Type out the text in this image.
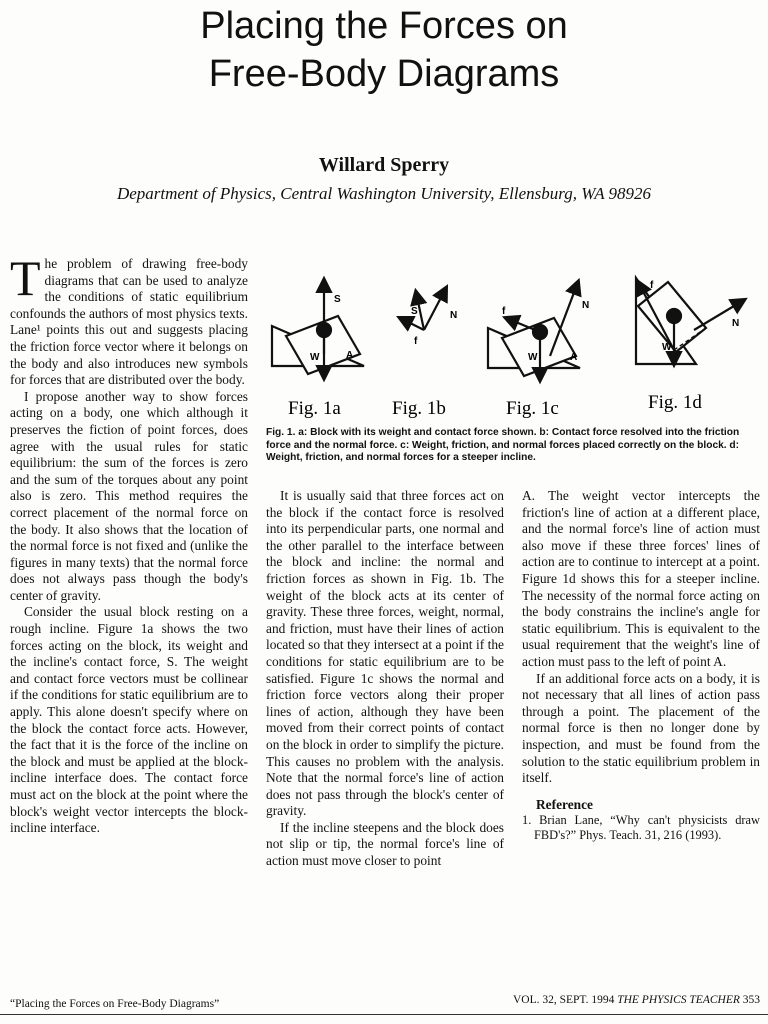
Placing the Forces on
Free-Body Diagrams
Willard Sperry
Department of Physics, Central Washington University, Ellensburg, WA 98926

The problem of drawing free-body diagrams that can be used to analyze the conditions of static equilibrium confounds the authors of most physics texts. Lane¹ points this out and suggests placing the friction force vector where it belongs on the body and also introduces new symbols for forces that are distributed over the body.

I propose another way to show forces acting on a body, one which although it preserves the fiction of point forces, does agree with the usual rules for static equilibrium: the sum of the forces is zero and the sum of the torques about any point also is zero. This method requires the correct placement of the normal force on the body. It also shows that the location of the normal force is not fixed and (unlike the figures in many texts) that the normal force does not always pass though the body's center of gravity.

Consider the usual block resting on a rough incline. Figure 1a shows the two forces acting on the block, its weight and the incline's contact force, S. The weight and contact force vectors must be collinear if the conditions for static equilibrium are to apply. This alone doesn't specify where on the block the contact force acts. However, the fact that it is the force of the incline on the block and must be applied at the block-incline interface does. The contact force must act on the block at the point where the block's weight vector intercepts the block-incline interface.

S
W	A
S	N
f
f
N
W	A
f
N
W
Fig. 1a	Fig. 1b	Fig. 1c	Fig. 1d
Fig. 1. a: Block with its weight and contact force shown. b: Contact force resolved into the friction force and the normal force. c: Weight, friction, and normal forces placed correctly on the block. d: Weight, friction, and normal forces for a steeper incline.

It is usually said that three forces act on the block if the contact force is resolved into its perpendicular parts, one normal and the other parallel to the interface between the block and incline: the normal and friction forces as shown in Fig. 1b. The weight of the block acts at its center of gravity. These three forces, weight, normal, and friction, must have their lines of action located so that they intersect at a point if the conditions for static equilibrium are to be satisfied. Figure 1c shows the normal and friction force vectors along their proper lines of action, although they have been moved from their correct points of contact on the block in order to simplify the picture. This causes no problem with the analysis. Note that the normal force's line of action does not pass through the block's center of gravity.

If the incline steepens and the block does not slip or tip, the normal force's line of action must move closer to point

A. The weight vector intercepts the friction's line of action at a different place, and the normal force's line of action must also move if these three forces' lines of action are to continue to intercept at a point. Figure 1d shows this for a steeper incline. The necessity of the normal force acting on the body constrains the incline's angle for static equilibrium. This is equivalent to the usual requirement that the weight's line of action must pass to the left of point A.

If an additional force acts on a body, it is not necessary that all lines of action pass through a point. The placement of the normal force is then no longer done by inspection, and must be found from the solution to the static equilibrium problem in itself.

Reference

1. Brian Lane, “Why can't physicists draw FBD's?” Phys. Teach. 31, 216 (1993).

“Placing the Forces on Free-Body Diagrams”	VOL. 32, SEPT. 1994 THE PHYSICS TEACHER 353
